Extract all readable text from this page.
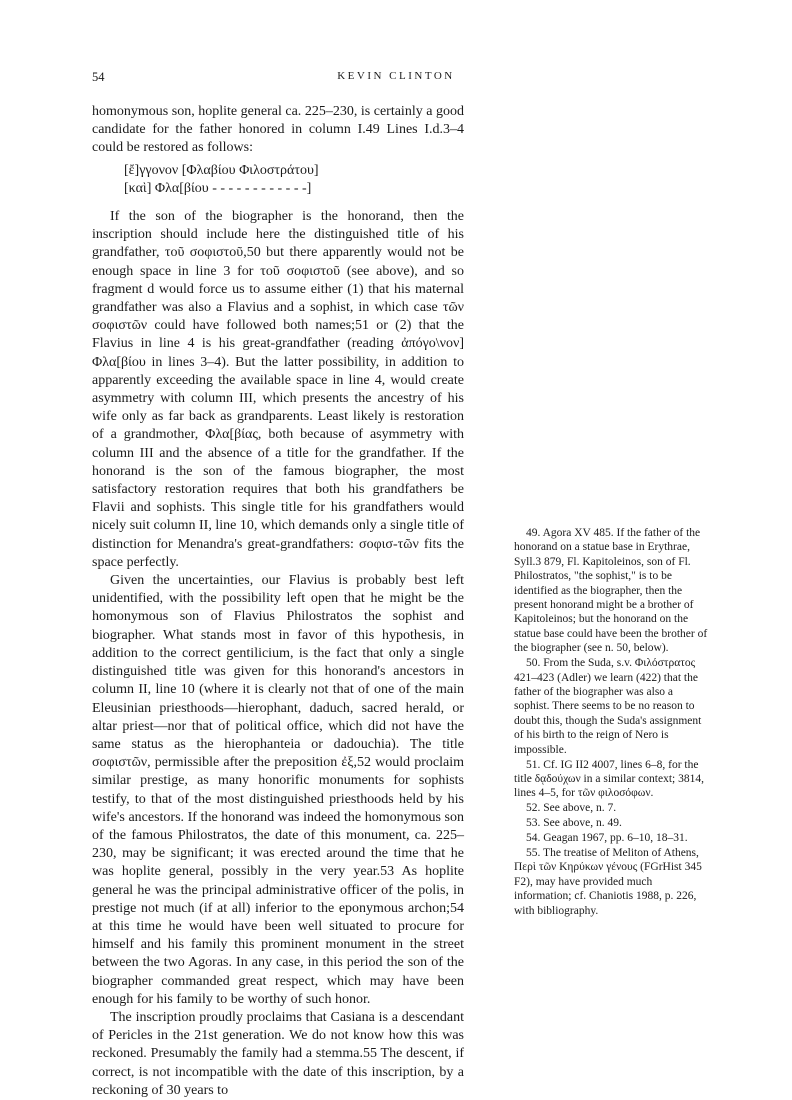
54	KEVIN CLINTON

homonymous son, hoplite general ca. 225–230, is certainly a good candidate for the father honored in column I.49 Lines I.d.3–4 could be restored as follows:

[ἔ]γγονον [Φλαβίου Φιλοστράτου]
[καὶ] Φλα[βίου - - - - - - - - - - - -]

If the son of the biographer is the honorand, then the inscription should include here the distinguished title of his grandfather, τοῦ σοφιστοῦ,50 but there apparently would not be enough space in line 3 for τοῦ σοφιστοῦ (see above), and so fragment d would force us to assume either (1) that his maternal grandfather was also a Flavius and a sophist, in which case τῶν σοφιστῶν could have followed both names;51 or (2) that the Flavius in line 4 is his great-grandfather (reading ἀπόγο\νον] Φλα[βίου in lines 3–4). But the latter possibility, in addition to apparently exceeding the available space in line 4, would create asymmetry with column III, which presents the ancestry of his wife only as far back as grandparents. Least likely is restoration of a grandmother, Φλα[βίας, both because of asymmetry with column III and the absence of a title for the grandfather. If the honorand is the son of the famous biographer, the most satisfactory restoration requires that both his grandfathers be Flavii and sophists. This single title for his grandfathers would nicely suit column II, line 10, which demands only a single title of distinction for Menandra's great-grandfathers: σοφισ-τῶν fits the space perfectly.

Given the uncertainties, our Flavius is probably best left unidentified, with the possibility left open that he might be the homonymous son of Flavius Philostratos the sophist and biographer. What stands most in favor of this hypothesis, in addition to the correct gentilicium, is the fact that only a single distinguished title was given for this honorand's ancestors in column II, line 10 (where it is clearly not that of one of the main Eleusinian priesthoods—hierophant, daduch, sacred herald, or altar priest—nor that of political office, which did not have the same status as the hierophanteia or dadouchia). The title σοφιστῶν, permissible after the preposition ἐξ,52 would proclaim similar prestige, as many honorific monuments for sophists testify, to that of the most distinguished priesthoods held by his wife's ancestors. If the honorand was indeed the homonymous son of the famous Philostratos, the date of this monument, ca. 225–230, may be significant; it was erected around the time that he was hoplite general, possibly in the very year.53 As hoplite general he was the principal administrative officer of the polis, in prestige not much (if at all) inferior to the eponymous archon;54 at this time he would have been well situated to procure for himself and his family this prominent monument in the street between the two Agoras. In any case, in this period the son of the biographer commanded great respect, which may have been enough for his family to be worthy of such honor.

The inscription proudly proclaims that Casiana is a descendant of Pericles in the 21st generation. We do not know how this was reckoned. Presumably the family had a stemma.55 The descent, if correct, is not incompatible with the date of this inscription, by a reckoning of 30 years to

49. Agora XV 485. If the father of the honorand on a statue base in Erythrae, Syll.3 879, Fl. Kapitoleinos, son of Fl. Philostratos, "the sophist," is to be identified as the biographer, then the present honorand might be a brother of Kapitoleinos; but the honorand on the statue base could have been the brother of the biographer (see n. 50, below).

50. From the Suda, s.v. Φιλόστρατος 421–423 (Adler) we learn (422) that the father of the biographer was also a sophist. There seems to be no reason to doubt this, though the Suda's assignment of his birth to the reign of Nero is impossible.

51. Cf. IG II2 4007, lines 6–8, for the title δᾳδούχων in a similar context; 3814, lines 4–5, for τῶν φιλοσόφων.

52. See above, n. 7.

53. See above, n. 49.

54. Geagan 1967, pp. 6–10, 18–31.

55. The treatise of Meliton of Athens, Περὶ τῶν Κηρύκων γένους (FGrHist 345 F2), may have provided much information; cf. Chaniotis 1988, p. 226, with bibliography.
